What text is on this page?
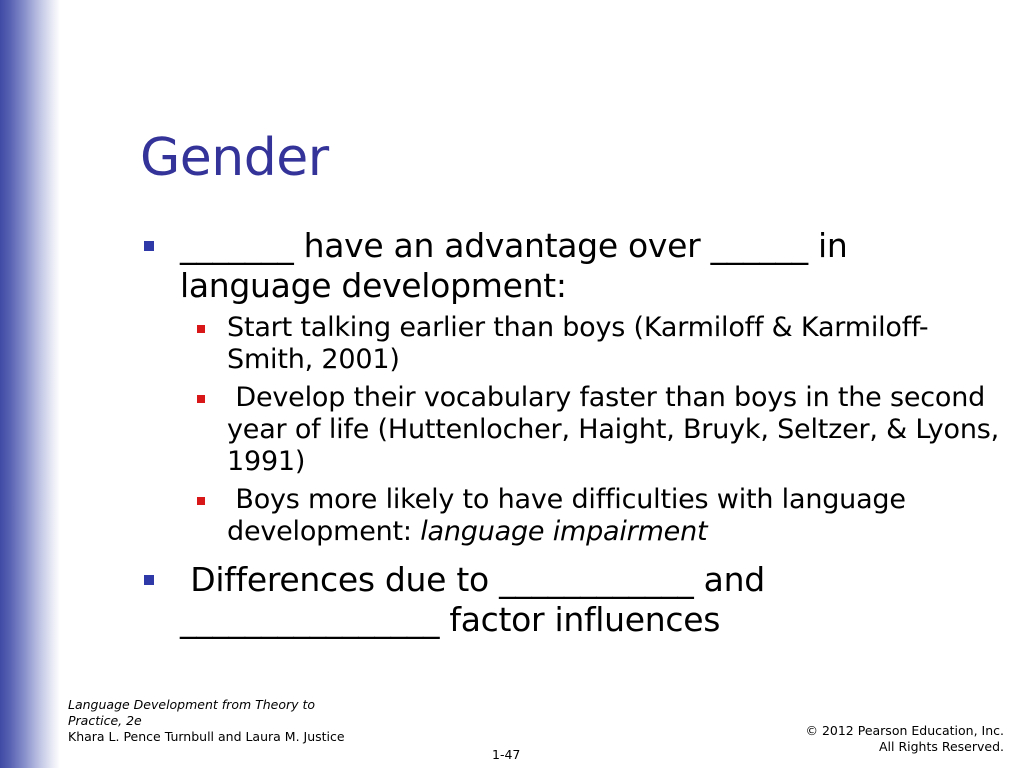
Gender
_______ have an advantage over ______ in language development:
Start talking earlier than boys (Karmiloff & Karmiloff-Smith, 2001)
Develop their vocabulary faster than boys in the second year of life (Huttenlocher, Haight, Bruyk, Seltzer, & Lyons, 1991)
Boys more likely to have difficulties with language development: language impairment
Differences due to ____________ and ________________ factor influences
Language Development from Theory to Practice, 2e
Khara L. Pence Turnbull and Laura M. Justice
1-47
© 2012 Pearson Education, Inc.
All Rights Reserved.
